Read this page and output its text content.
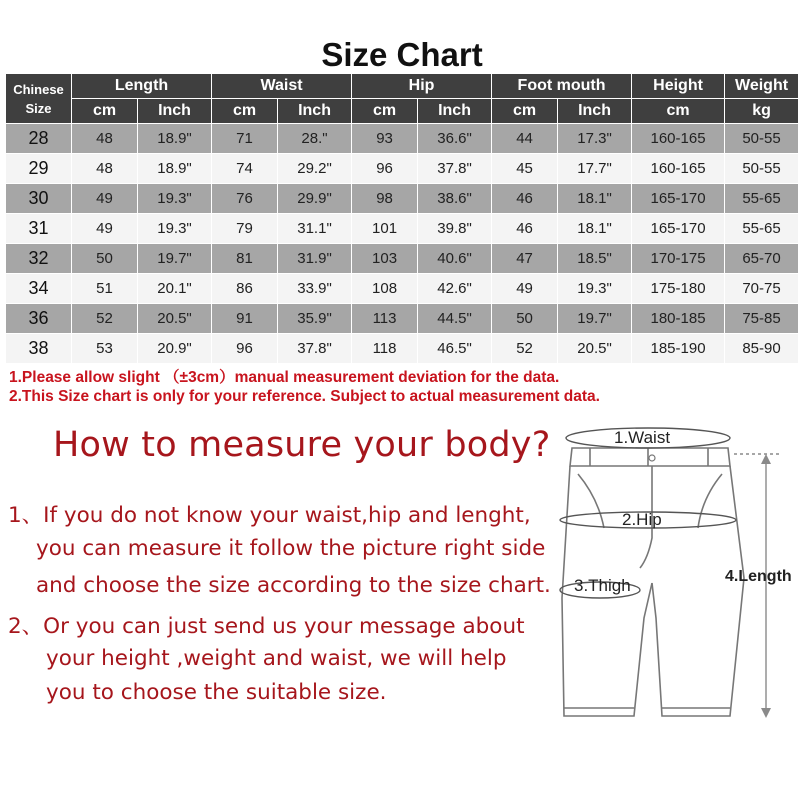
Size Chart
Chinese Size	Length		Waist		Hip		Foot mouth		Height	Weight
	cm	Inch	cm	Inch	cm	Inch	cm	Inch	cm	kg
28	48	18.9"	71	28."	93	36.6"	44	17.3"	160-165	50-55
29	48	18.9"	74	29.2"	96	37.8"	45	17.7"	160-165	50-55
30	49	19.3"	76	29.9"	98	38.6"	46	18.1"	165-170	55-65
31	49	19.3"	79	31.1"	101	39.8"	46	18.1"	165-170	55-65
32	50	19.7"	81	31.9"	103	40.6"	47	18.5"	170-175	65-70
34	51	20.1"	86	33.9"	108	42.6"	49	19.3"	175-180	70-75
36	52	20.5"	91	35.9"	113	44.5"	50	19.7"	180-185	75-85
38	53	20.9"	96	37.8"	118	46.5"	52	20.5"	185-190	85-90
1.Please allow slight （±3cm）manual measurement deviation for the data.
2.This Size chart is only for your reference. Subject to actual measurement data.
How to measure your body?
1、If you do not know your waist,hip and lenght,
you can measure it follow the picture right side
and choose the size according to the size chart.
2、Or you can just send us your message about
your height ,weight and waist, we will help
you to choose the suitable size.
1.Waist
2.Hip
3.Thigh	4.Length
